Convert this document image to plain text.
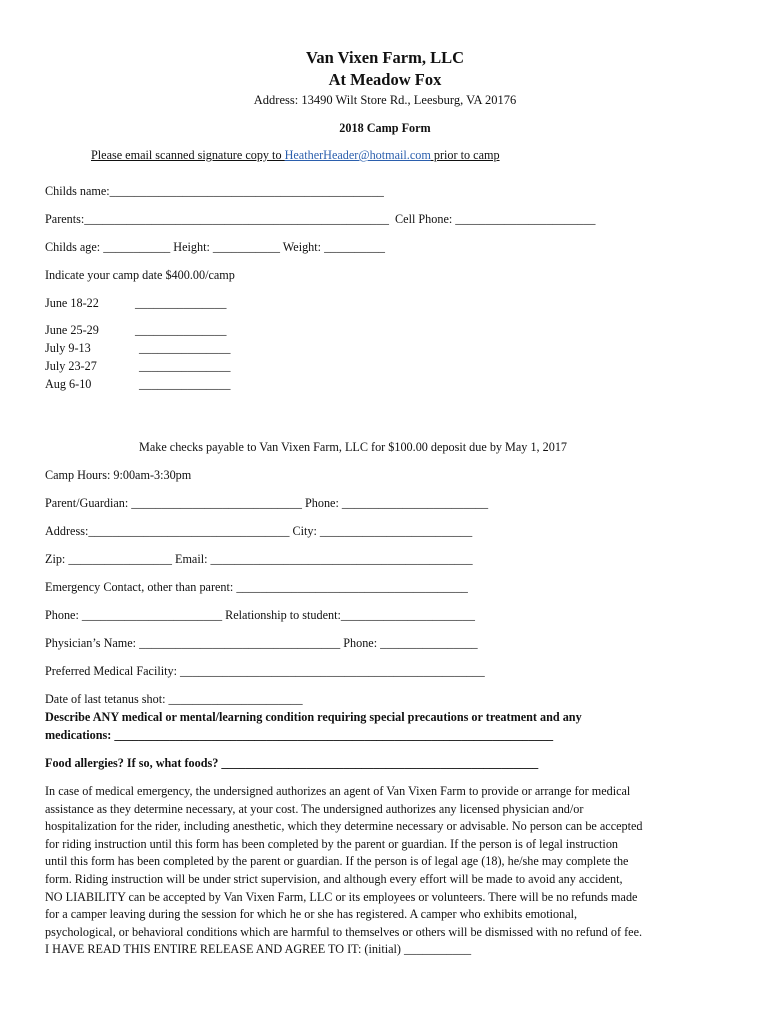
Van Vixen Farm, LLC
At Meadow Fox
Address: 13490 Wilt Store Rd., Leesburg, VA 20176
2018 Camp Form
Please email scanned signature copy to HeatherHeader@hotmail.com prior to camp
Childs name:_____________________________________________
Parents:__________________________________________________  Cell Phone: _______________________
Childs age: ___________ Height: ___________ Weight: __________
Indicate your camp date $400.00/camp
June 18-22	_______________
June 25-29	_______________
July 9-13	_______________
July 23-27	_______________
Aug 6-10	_______________
Make checks payable to Van Vixen Farm, LLC for $100.00 deposit due by May 1, 2017
Camp Hours: 9:00am-3:30pm
Parent/Guardian: ____________________________ Phone: ________________________
Address:_________________________________ City: _________________________
Zip: _________________ Email: ___________________________________________
Emergency Contact, other than parent: ______________________________________
Phone: _______________________ Relationship to student:______________________
Physician’s Name: _________________________________ Phone: ________________
Preferred Medical Facility: __________________________________________________
Date of last tetanus shot: ______________________
Describe ANY medical or mental/learning condition requiring special precautions or treatment and any
medications: ________________________________________________________________________
Food allergies? If so, what foods? ____________________________________________________
In case of medical emergency, the undersigned authorizes an agent of Van Vixen Farm to provide or arrange for medical
assistance as they determine necessary, at your cost. The undersigned authorizes any licensed physician and/or
hospitalization for the rider, including anesthetic, which they determine necessary or advisable. No person can be accepted
for riding instruction until this form has been completed by the parent or guardian. If the person is of legal instruction
until this form has been completed by the parent or guardian. If the person is of legal age (18), he/she may complete the
form. Riding instruction will be under strict supervision, and although every effort will be made to avoid any accident,
NO LIABILITY can be accepted by Van Vixen Farm, LLC or its employees or volunteers. There will be no refunds made
for a camper leaving during the session for which he or she has registered. A camper who exhibits emotional,
psychological, or behavioral conditions which are harmful to themselves or others will be dismissed with no refund of fee.
I HAVE READ THIS ENTIRE RELEASE AND AGREE TO IT: (initial) ___________
